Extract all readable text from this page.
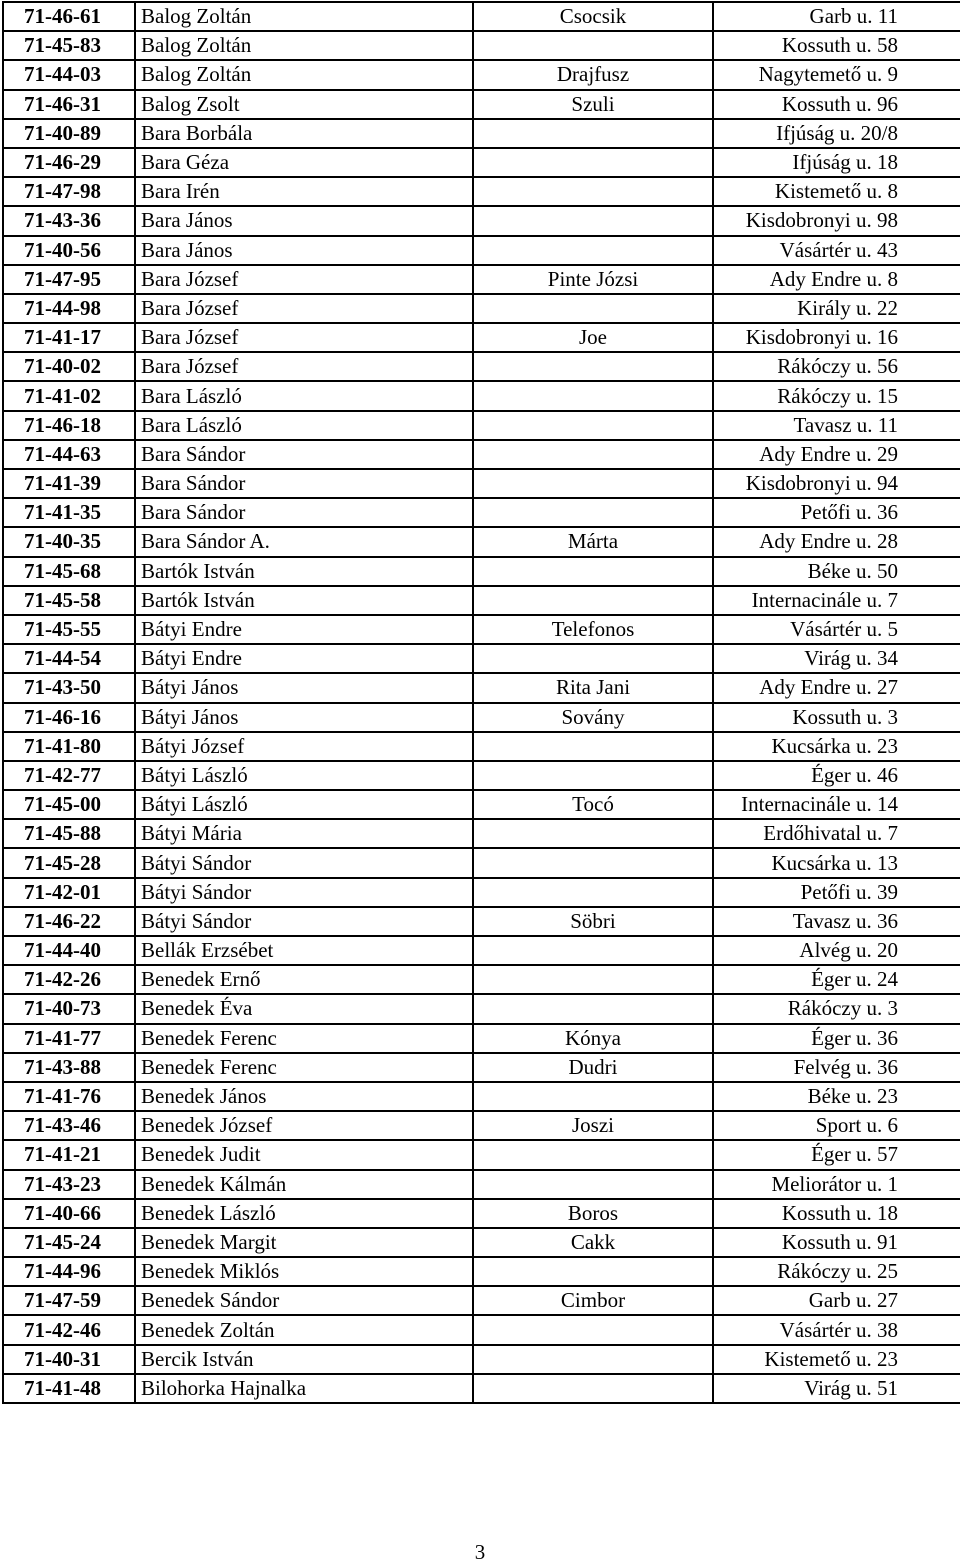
71-46-61	Balog Zoltán	Csocsik	Garb u. 11
71-45-83	Balog Zoltán		Kossuth u. 58
71-44-03	Balog Zoltán	Drajfusz	Nagytemető u. 9
71-46-31	Balog Zsolt	Szuli	Kossuth u. 96
71-40-89	Bara Borbála		Ifjúság u. 20/8
71-46-29	Bara Géza		Ifjúság u. 18
71-47-98	Bara Irén		Kistemető u. 8
71-43-36	Bara János		Kisdobronyi u. 98
71-40-56	Bara János		Vásártér u. 43
71-47-95	Bara József	Pinte Józsi	Ady Endre u. 8
71-44-98	Bara József		Király u. 22
71-41-17	Bara József	Joe	Kisdobronyi u. 16
71-40-02	Bara József		Rákóczy u. 56
71-41-02	Bara László		Rákóczy u. 15
71-46-18	Bara László		Tavasz u. 11
71-44-63	Bara Sándor		Ady Endre u. 29
71-41-39	Bara Sándor		Kisdobronyi u. 94
71-41-35	Bara Sándor		Petőfi u. 36
71-40-35	Bara Sándor A.	Márta	Ady Endre u. 28
71-45-68	Bartók István		Béke u. 50
71-45-58	Bartók István		Internacinále u. 7
71-45-55	Bátyi Endre	Telefonos	Vásártér u. 5
71-44-54	Bátyi Endre		Virág u. 34
71-43-50	Bátyi János	Rita Jani	Ady Endre u. 27
71-46-16	Bátyi János	Sovány	Kossuth u. 3
71-41-80	Bátyi József		Kucsárka u. 23
71-42-77	Bátyi László		Éger u. 46
71-45-00	Bátyi László	Tocó	Internacinále u. 14
71-45-88	Bátyi Mária		Erdőhivatal u. 7
71-45-28	Bátyi Sándor		Kucsárka u. 13
71-42-01	Bátyi Sándor		Petőfi u. 39
71-46-22	Bátyi Sándor	Söbri	Tavasz u. 36
71-44-40	Bellák Erzsébet		Alvég u. 20
71-42-26	Benedek Ernő		Éger u. 24
71-40-73	Benedek Éva		Rákóczy u. 3
71-41-77	Benedek Ferenc	Kónya	Éger u. 36
71-43-88	Benedek Ferenc	Dudri	Felvég u. 36
71-41-76	Benedek János		Béke u. 23
71-43-46	Benedek József	Joszi	Sport u. 6
71-41-21	Benedek Judit		Éger u. 57
71-43-23	Benedek Kálmán		Meliorátor u. 1
71-40-66	Benedek László	Boros	Kossuth u. 18
71-45-24	Benedek Margit	Cakk	Kossuth u. 91
71-44-96	Benedek Miklós		Rákóczy u. 25
71-47-59	Benedek Sándor	Cimbor	Garb u. 27
71-42-46	Benedek Zoltán		Vásártér u. 38
71-40-31	Bercik István		Kistemető u. 23
71-41-48	Bilohorka Hajnalka		Virág u. 51
3
